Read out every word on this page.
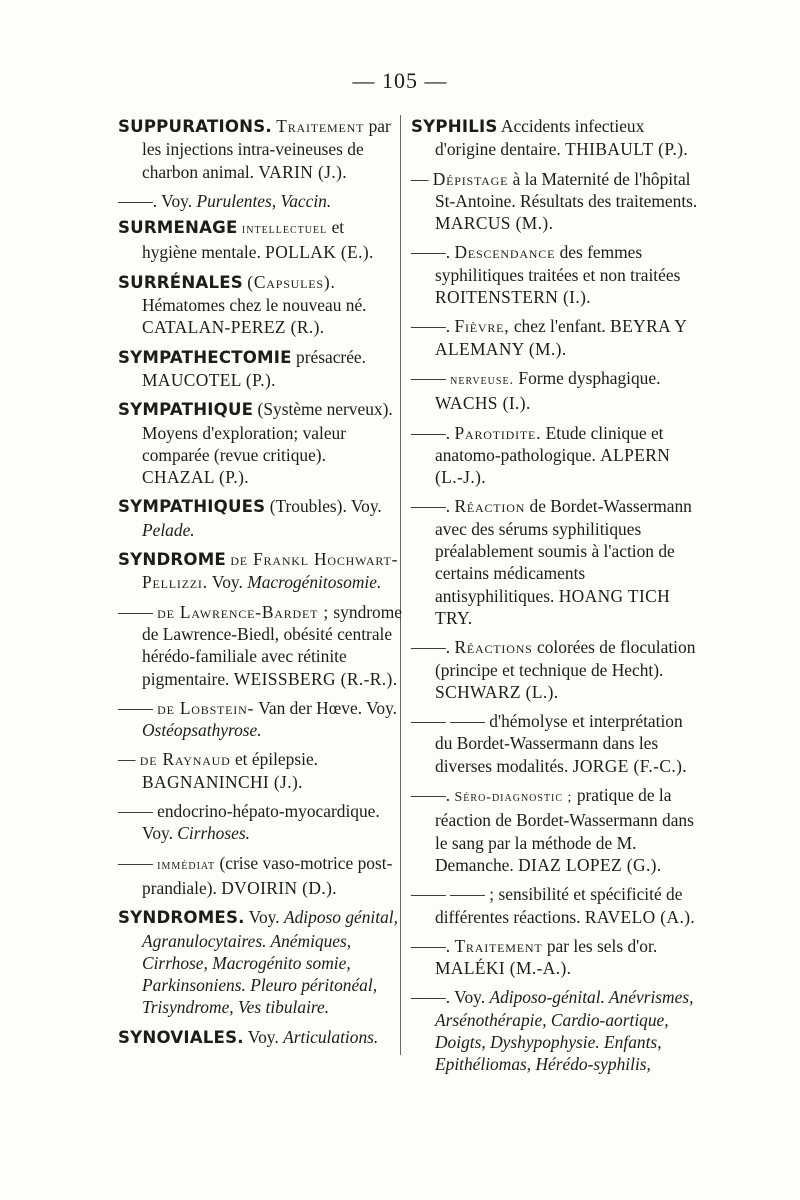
— 105 —

SUPPURATIONS. Traitement par les injections intra-veineuses de charbon animal. VARIN (J.).

——. Voy. Purulentes, Vaccin.

SURMENAGE intellectuel et hygiène mentale. POLLAK (E.).

SURRÉNALES (Capsules). Hématomes chez le nouveau né. CATALAN-PEREZ (R.).

SYMPATHECTOMIE présacrée. MAUCOTEL (P.).

SYMPATHIQUE (Système nerveux). Moyens d'exploration; valeur comparée (revue critique). CHAZAL (P.).

SYMPATHIQUES (Troubles). Voy. Pelade.

SYNDROME de Frankl Hochwart-Pellizzi. Voy. Macrogénitosomie.

—— de Lawrence-Bardet ; syndrome de Lawrence-Biedl, obésité centrale hérédo-familiale avec rétinite pigmentaire. WEISSBERG (R.-R.).

—— de Lobstein- Van der Hœve. Voy. Ostéopsathyrose.

— de Raynaud et épilepsie. BAGNANINCHI (J.).

—— endocrino-hépato-myocardique. Voy. Cirrhoses.

—— immédiat (crise vaso-motrice post-prandiale). DVOIRIN (D.).

SYNDROMES. Voy. Adiposo génital, Agranulocytaires. Anémiques, Cirrhose, Macrogénito somie, Parkinsoniens. Pleuro péritonéal, Trisyndrome, Ves tibulaire.

SYNOVIALES. Voy. Articulations.

SYPHILIS Accidents infectieux d'origine dentaire. THIBAULT (P.).

— Dépistage à la Maternité de l'hôpital St-Antoine. Résultats des traitements. MARCUS (M.).

——. Descendance des femmes syphilitiques traitées et non traitées ROITENSTERN (I.).

——. Fièvre, chez l'enfant. BEYRA Y ALEMANY (M.).

—— nerveuse. Forme dysphagique. WACHS (I.).

——. Parotidite. Etude clinique et anatomo-pathologique. ALPERN (L.-J.).

——. Réaction de Bordet-Wassermann avec des sérums syphilitiques préalablement soumis à l'action de certains médicaments antisyphilitiques. HOANG TICH TRY.

——. Réactions colorées de floculation (principe et technique de Hecht). SCHWARZ (L.).

—— —— d'hémolyse et interprétation du Bordet-Wassermann dans les diverses modalités. JORGE (F.-C.).

——. Séro-diagnostic ; pratique de la réaction de Bordet-Wassermann dans le sang par la méthode de M. Demanche. DIAZ LOPEZ (G.).

—— —— ; sensibilité et spécificité de différentes réactions. RAVELO (A.).

——. Traitement par les sels d'or. MALÉKI (M.-A.).

——. Voy. Adiposo-génital. Anévrismes, Arsénothérapie, Cardio-aortique, Doigts, Dyshypophysie. Enfants, Epithéliomas, Hérédo-syphilis,
